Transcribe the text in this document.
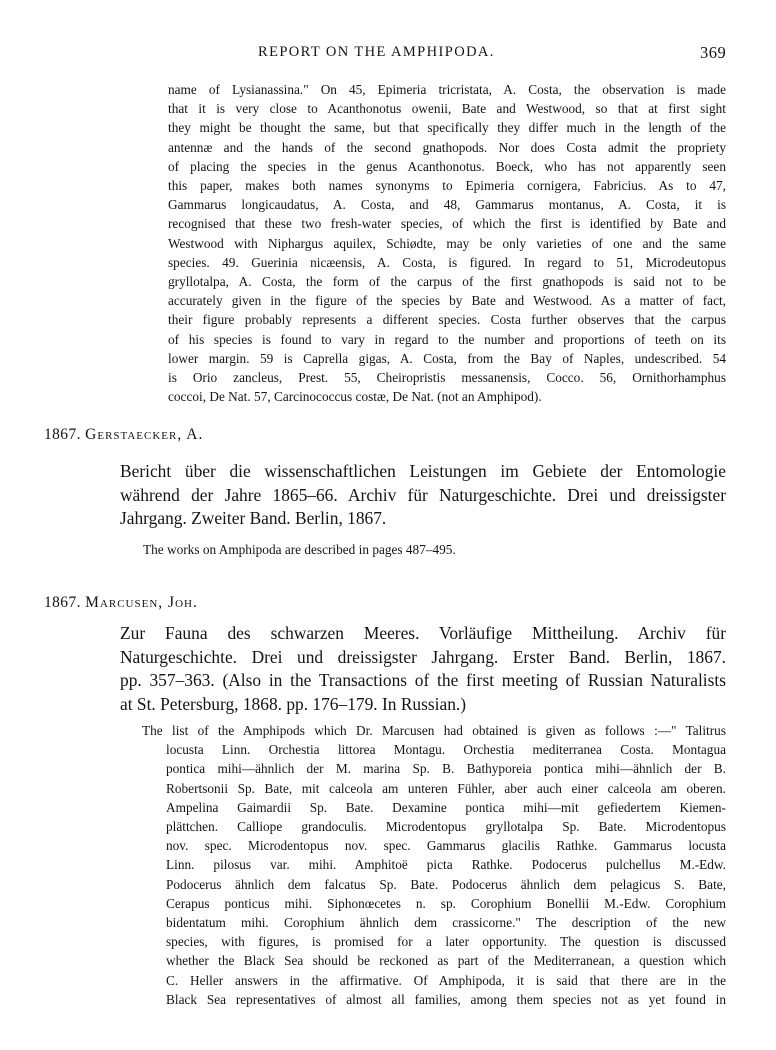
REPORT ON THE AMPHIPODA.	369
name of Lysianassina." On 45, Epimeria tricristata, A. Costa, the observation is made
that it is very close to Acanthonotus owenii, Bate and Westwood, so that at first sight
they might be thought the same, but that specifically they differ much in the length of the
antennæ and the hands of the second gnathopods. Nor does Costa admit the propriety
of placing the species in the genus Acanthonotus. Boeck, who has not apparently seen
this paper, makes both names synonyms to Epimeria cornigera, Fabricius. As to 47,
Gammarus longicaudatus, A. Costa, and 48, Gammarus montanus, A. Costa, it is
recognised that these two fresh-water species, of which the first is identified by Bate and
Westwood with Niphargus aquilex, Schiødte, may be only varieties of one and the same
species. 49. Guerinia nicæensis, A. Costa, is figured. In regard to 51, Microdeutopus
gryllotalpa, A. Costa, the form of the carpus of the first gnathopods is said not to be
accurately given in the figure of the species by Bate and Westwood. As a matter of fact,
their figure probably represents a different species. Costa further observes that the carpus
of his species is found to vary in regard to the number and proportions of teeth on its
lower margin. 59 is Caprella gigas, A. Costa, from the Bay of Naples, undescribed. 54
is Orio zancleus, Prest. 55, Cheiropristis messanensis, Cocco. 56, Ornithorhamphus
coccoi, De Nat. 57, Carcinococcus costæ, De Nat. (not an Amphipod).
1867. Gerstaecker, A.
Bericht über die wissenschaftlichen Leistungen im Gebiete der Entomologie
während der Jahre 1865–66. Archiv für Naturgeschichte. Drei und dreissigster
Jahrgang. Zweiter Band. Berlin, 1867.
The works on Amphipoda are described in pages 487–495.
1867. Marcusen, Joh.
Zur Fauna des schwarzen Meeres. Vorläufige Mittheilung. Archiv für
Naturgeschichte. Drei und dreissigster Jahrgang. Erster Band. Berlin, 1867.
pp. 357–363. (Also in the Transactions of the first meeting of Russian Naturalists
at St. Petersburg, 1868. pp. 176–179. In Russian.)
The list of the Amphipods which Dr. Marcusen had obtained is given as follows :—" Talitrus
locusta Linn. Orchestia littorea Montagu. Orchestia mediterranea Costa. Montagua
pontica mihi—ähnlich der M. marina Sp. B. Bathyporeia pontica mihi—ähnlich der B.
Robertsonii Sp. Bate, mit calceola am unteren Fühler, aber auch einer calceola am oberen.
Ampelina Gaimardii Sp. Bate. Dexamine pontica mihi—mit gefiedertem Kiemen-
plättchen. Calliope grandoculis. Microdentopus gryllotalpa Sp. Bate. Microdentopus
nov. spec. Microdentopus nov. spec. Gammarus glacilis Rathke. Gammarus locusta
Linn. pilosus var. mihi. Amphitoë picta Rathke. Podocerus pulchellus M.-Edw.
Podocerus ähnlich dem falcatus Sp. Bate. Podocerus ähnlich dem pelagicus S. Bate,
Cerapus ponticus mihi. Siphonœcetes n. sp. Corophium Bonellii M.-Edw. Corophium
bidentatum mihi. Corophium ähnlich dem crassicorne." The description of the new
species, with figures, is promised for a later opportunity. The question is discussed
whether the Black Sea should be reckoned as part of the Mediterranean, a question which
C. Heller answers in the affirmative. Of Amphipoda, it is said that there are in the
Black Sea representatives of almost all families, among them species not as yet found in
